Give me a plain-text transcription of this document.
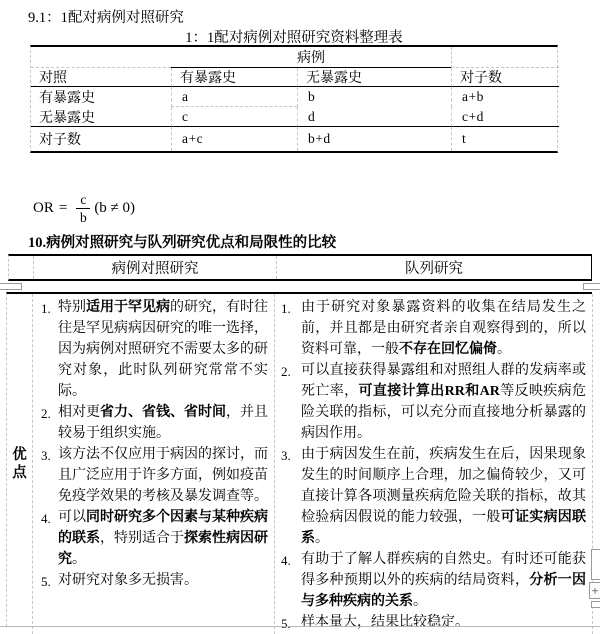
9.1：1配对病例对照研究
1：1配对病例对照研究资料整理表
病例
对照	有暴露史	无暴露史	对子数
有暴露史	a	b	a+b
无暴露史	c	d	c+d
对子数	a+c	b+d	t
OR = $\frac{c}{b} (b \ne 0)$
10.病例对照研究与队列研究优点和局限性的比较
病例对照研究	队列研究
优点
1. 特别适用于罕见病的研究，有时往往是罕见病病因研究的唯一选择，因为病例对照研究不需要太多的研究对象，此时队列研究常常不实际。
2. 相对更省力、省钱、省时间，并且较易于组织实施。
3. 该方法不仅应用于病因的探讨，而且广泛应用于许多方面，例如疫苗免疫学效果的考核及暴发调查等。
4. 可以同时研究多个因素与某种疾病的联系，特别适合于探索性病因研究。
5. 对研究对象多无损害。
1. 由于研究对象暴露资料的收集在结局发生之前，并且都是由研究者亲自观察得到的，所以资料可靠，一般不存在回忆偏倚。
2. 可以直接获得暴露组和对照组人群的发病率或死亡率，可直接计算出RR和AR等反映疾病危险关联的指标，可以充分而直接地分析暴露的病因作用。
3. 由于病因发生在前，疾病发生在后，因果现象发生的时间顺序上合理，加之偏倚较少，又可直接计算各项测量疾病危险关联的指标，故其检验病因假说的能力较强，一般可证实病因联系。
4. 有助于了解人群疾病的自然史。有时还可能获得多种预期以外的疾病的结局资料，分析一因与多种疾病的关系。
5. 样本量大，结果比较稳定。
+
